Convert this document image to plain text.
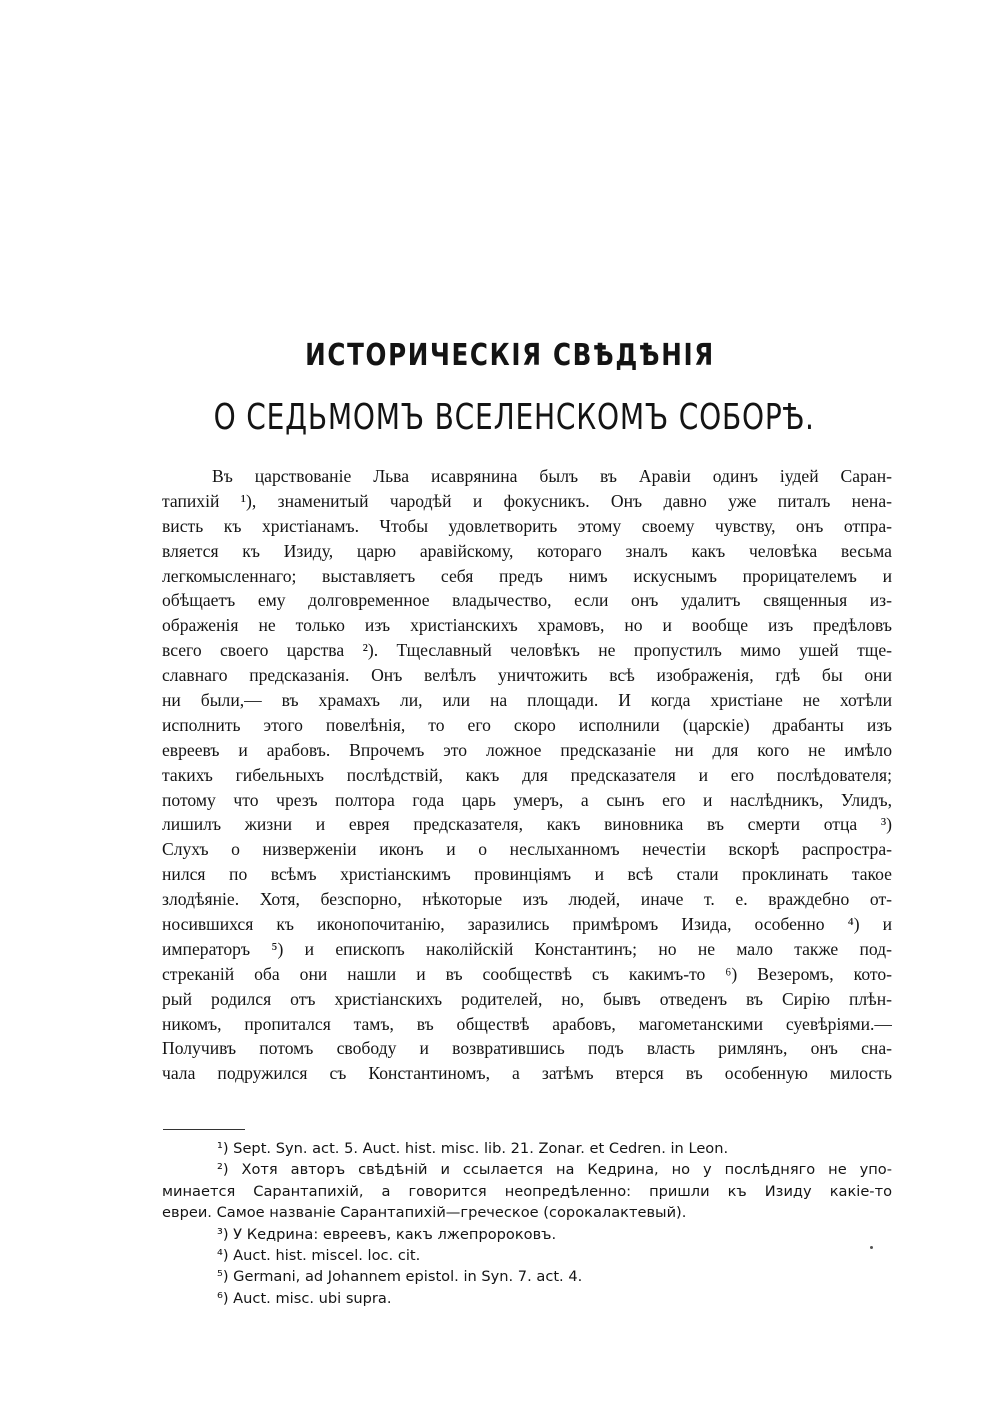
ИСТОРИЧЕСКІЯ СВѢДѢНІЯ
О СЕДЬМОМЪ ВСЕЛЕНСКОМЪ СОБОРѢ.
Въ царствованіе Льва исаврянина былъ въ Аравіи одинъ іудей Саран-
тапихій ¹), знаменитый чародѣй и фокусникъ. Онъ давно уже питалъ нена-
висть къ христіанамъ. Чтобы удовлетворить этому своему чувству, онъ отпра-
вляется къ Изиду, царю аравійскому, котораго зналъ какъ человѣка весьма
легкомысленнаго; выставляетъ себя предъ нимъ искуснымъ прорицателемъ и
обѣщаетъ ему долговременное владычество, если онъ удалитъ священныя из-
ображенія не только изъ христіанскихъ храмовъ, но и вообще изъ предѣловъ
всего своего царства ²). Тщеславный человѣкъ не пропустилъ мимо ушей тще-
славнаго предсказанія. Онъ велѣлъ уничтожить всѣ изображенія, гдѣ бы они
ни были,— въ храмахъ ли, или на площади. И когда христіане не хотѣли
исполнить этого повелѣнія, то его скоро исполнили (царскіе) драбанты изъ
евреевъ и арабовъ. Впрочемъ это ложное предсказаніе ни для кого не имѣло
такихъ гибельныхъ послѣдствій, какъ для предсказателя и его послѣдователя;
потому что чрезъ полтора года царь умеръ, а сынъ его и наслѣдникъ, Улидъ,
лишилъ жизни и еврея предсказателя, какъ виновника въ смерти отца ³)
Слухъ о низверженіи иконъ и о неслыханномъ нечестіи вскорѣ распростра-
нился по всѣмъ христіанскимъ провинціямъ и всѣ стали проклинать такое
злодѣяніе. Хотя, безспорно, нѣкоторые изъ людей, иначе т. е. враждебно от-
носившихся къ иконопочитанію, заразились примѣромъ Изида, особенно ⁴) и
императоръ ⁵) и епископъ наколійскій Константинъ; но не мало также под-
стреканій оба они нашли и въ сообществѣ съ какимъ-то ⁶) Везеромъ, кото-
рый родился отъ христіанскихъ родителей, но, бывъ отведенъ въ Сирію плѣн-
никомъ, пропитался тамъ, въ обществѣ арабовъ, магометанскими суевѣріями.—
Получивъ потомъ свободу и возвратившись подъ власть римлянъ, онъ сна-
чала подружился съ Константиномъ, а затѣмъ втерся въ особенную милость
¹) Sept. Syn. act. 5. Auct. hist. misc. lib. 21. Zonar. et Cedren. in Leon.
²) Хотя авторъ свѣдѣній и ссылается на Кедрина, но у послѣдняго не упо-
минается Сарантапихій, а говорится неопредѣленно: пришли къ Изиду какіе-то
евреи. Самое названіе Сарантапихій—греческое (сорокалактевый).
³) У Кедрина: евреевъ, какъ лжепророковъ.
⁴) Auct. hist. miscel. loc. cit.
⁵) Germani, ad Johannem epistol. in Syn. 7. act. 4.
⁶) Auct. misc. ubi supra.
